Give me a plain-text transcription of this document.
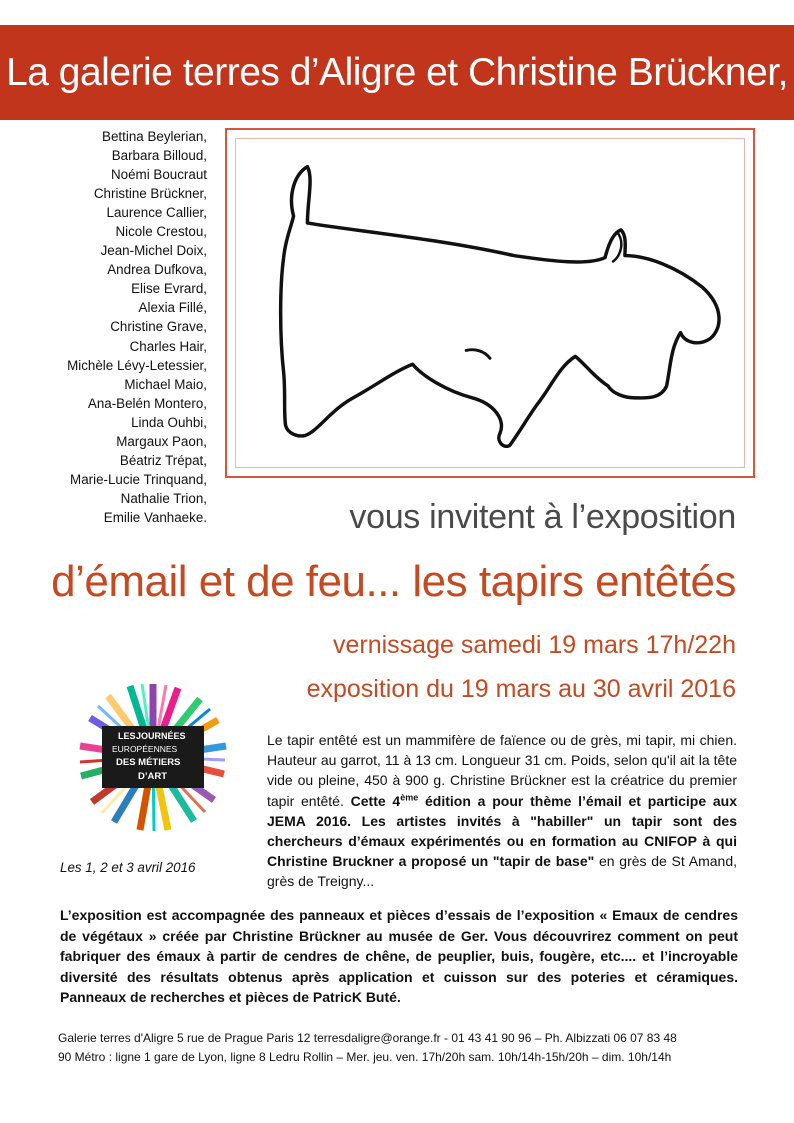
La galerie terres d’Aligre et Christine Brückner,
Bettina Beylerian,
Barbara Billoud,
Noémi Boucraut
Christine Brückner,
Laurence Callier,
Nicole Crestou,
Jean-Michel Doix,
Andrea Dufkova,
Elise Evrard,
Alexia Fillé,
Christine Grave,
Charles Hair,
Michèle Lévy-Letessier,
Michael Maio,
Ana-Belén Montero,
Linda Ouhbi,
Margaux Paon,
Béatriz Trépat,
Marie-Lucie Trinquand,
Nathalie Trion,
Emilie Vanhaeke.	vous invitent à l’exposition
d’émail et de feu... les tapirs entêtés
vernissage samedi 19 mars 17h/22h
exposition du 19 mars au 30 avril 2016
LES JOURNÉES
EUROPÉENNES
DES MÉTIERS
D’ART
Les 1, 2 et 3 avril 2016
Le tapir entêté est un mammifère de faïence ou de grès, mi tapir, mi chien. Hauteur au garrot, 11 à 13 cm. Longueur 31 cm. Poids, selon qu'il ait la tête vide ou pleine, 450 à 900 g. Christine Brückner est la créatrice du premier tapir entêté. Cette 4ème édition a pour thème l’émail et participe aux JEMA 2016. Les artistes invités à "habiller" un tapir sont des chercheurs d’émaux expérimentés ou en formation au CNIFOP à qui Christine Bruckner a proposé un "tapir de base" en grès de St Amand, grès de Treigny...
L’exposition est accompagnée des panneaux et pièces d’essais de l’exposition « Emaux de cendres de végétaux » créée par Christine Brückner au musée de Ger. Vous découvrirez comment on peut fabriquer des émaux à partir de cendres de chêne, de peuplier, buis, fougère, etc.... et l’incroyable diversité des résultats obtenus après application et cuisson sur des poteries et céramiques. Panneaux de recherches et pièces de PatricK Buté.
Galerie terres d'Aligre 5 rue de Prague Paris 12 terresdaligre@orange.fr - 01 43 41 90 96 – Ph. Albizzati 06 07 83 48
90 Métro : ligne 1 gare de Lyon, ligne 8 Ledru Rollin – Mer. jeu. ven. 17h/20h sam. 10h/14h-15h/20h – dim. 10h/14h
